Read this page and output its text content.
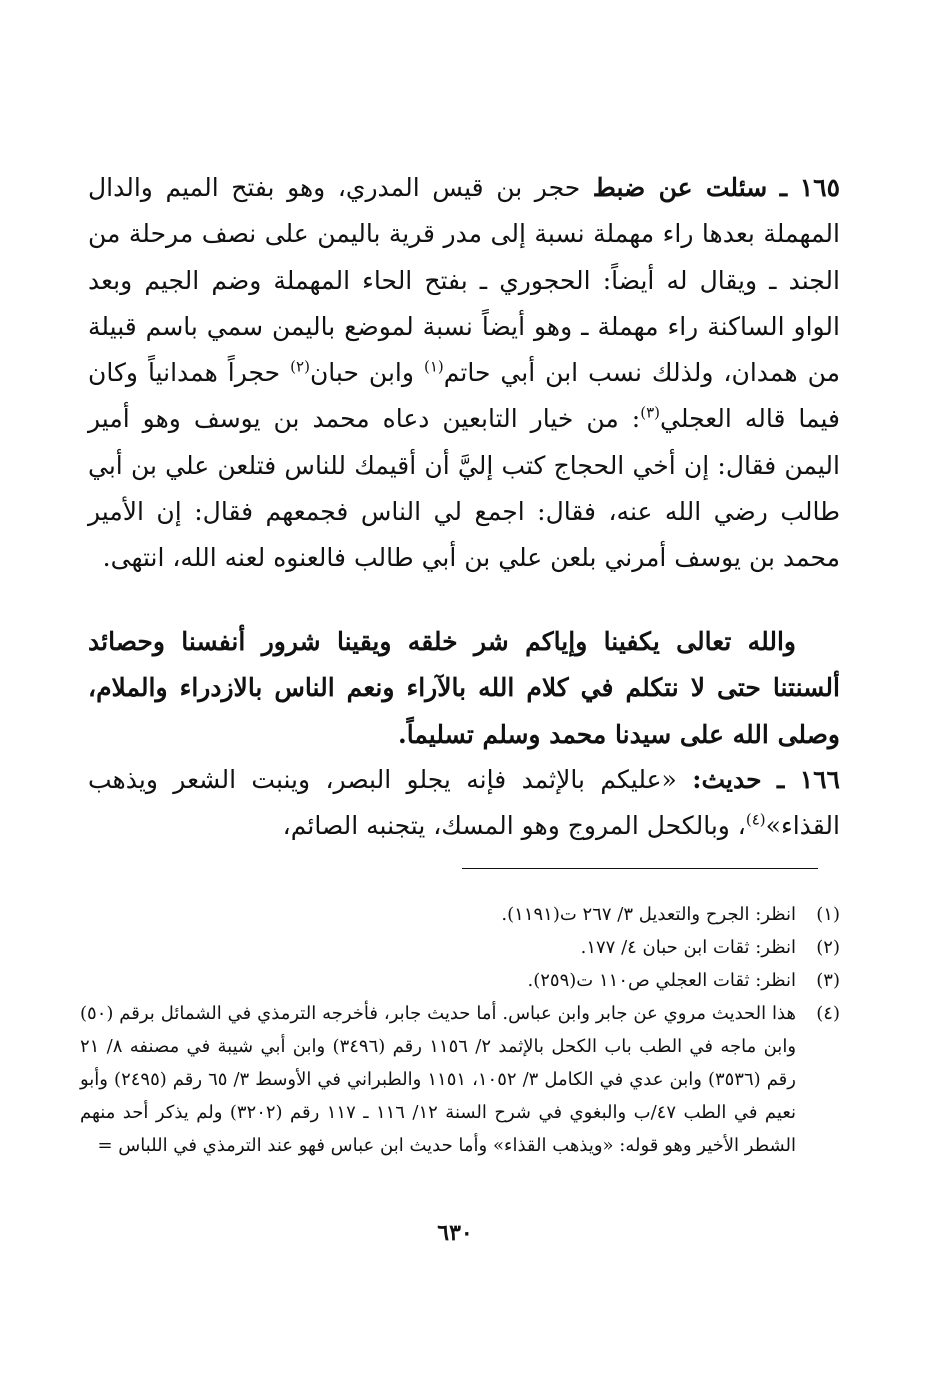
١٦٥ ـ سئلت عن ضبط حجر بن قيس المدري، وهو بفتح الميم والدال المهملة بعدها راء مهملة نسبة إلى مدر قرية باليمن على نصف مرحلة من الجند ـ ويقال له أيضاً: الحجوري ـ بفتح الحاء المهملة وضم الجيم وبعد الواو الساكنة راء مهملة ـ وهو أيضاً نسبة لموضع باليمن سمي باسم قبيلة من همدان، ولذلك نسب ابن أبي حاتم$^{(١)}$ وابن حبان$^{(٢)}$ حجراً همدانياً وكان فيما قاله العجلي$^{(٣)}$: من خيار التابعين دعاه محمد بن يوسف وهو أمير اليمن فقال: إن أخي الحجاج كتب إليَّ أن أقيمك للناس فتلعن علي بن أبي طالب رضي الله عنه، فقال: اجمع لي الناس فجمعهم فقال: إن الأمير محمد بن يوسف أمرني بلعن علي بن أبي طالب فالعنوه لعنه الله، انتهى.
والله تعالى يكفينا وإياكم شر خلقه ويقينا شرور أنفسنا وحصائد ألسنتنا حتى لا نتكلم في كلام الله بالآراء ونعم الناس بالازدراء والملام، وصلى الله على سيدنا محمد وسلم تسليماً.
١٦٦ ـ حديث: «عليكم بالإثمد فإنه يجلو البصر، وينبت الشعر ويذهب القذاء»$^{(٤)}$، وبالكحل المروج وهو المسك، يتجنبه الصائم،
(١)
انظر: الجرح والتعديل ٣/ ٢٦٧ ت(١١٩١).
(٢)
انظر: ثقات ابن حبان ٤/ ١٧٧.
(٣)
انظر: ثقات العجلي ص١١٠ ت(٢٥٩).
(٤)
هذا الحديث مروي عن جابر وابن عباس. أما حديث جابر، فأخرجه الترمذي في الشمائل برقم (٥٠) وابن ماجه في الطب باب الكحل بالإثمد ٢/ ١١٥٦ رقم (٣٤٩٦) وابن أبي شيبة في مصنفه ٨/ ٢١ رقم (٣٥٣٦) وابن عدي في الكامل ٣/ ١٠٥٢، ١١٥١ والطبراني في الأوسط ٣/ ٦٥ رقم (٢٤٩٥) وأبو نعيم في الطب ٤٧/ب والبغوي في شرح السنة ١٢/ ١١٦ ـ ١١٧ رقم (٣٢٠٢) ولم يذكر أحد منهم الشطر الأخير وهو قوله: «ويذهب القذاء» وأما حديث ابن عباس فهو عند الترمذي في اللباس =
٦٣٠
